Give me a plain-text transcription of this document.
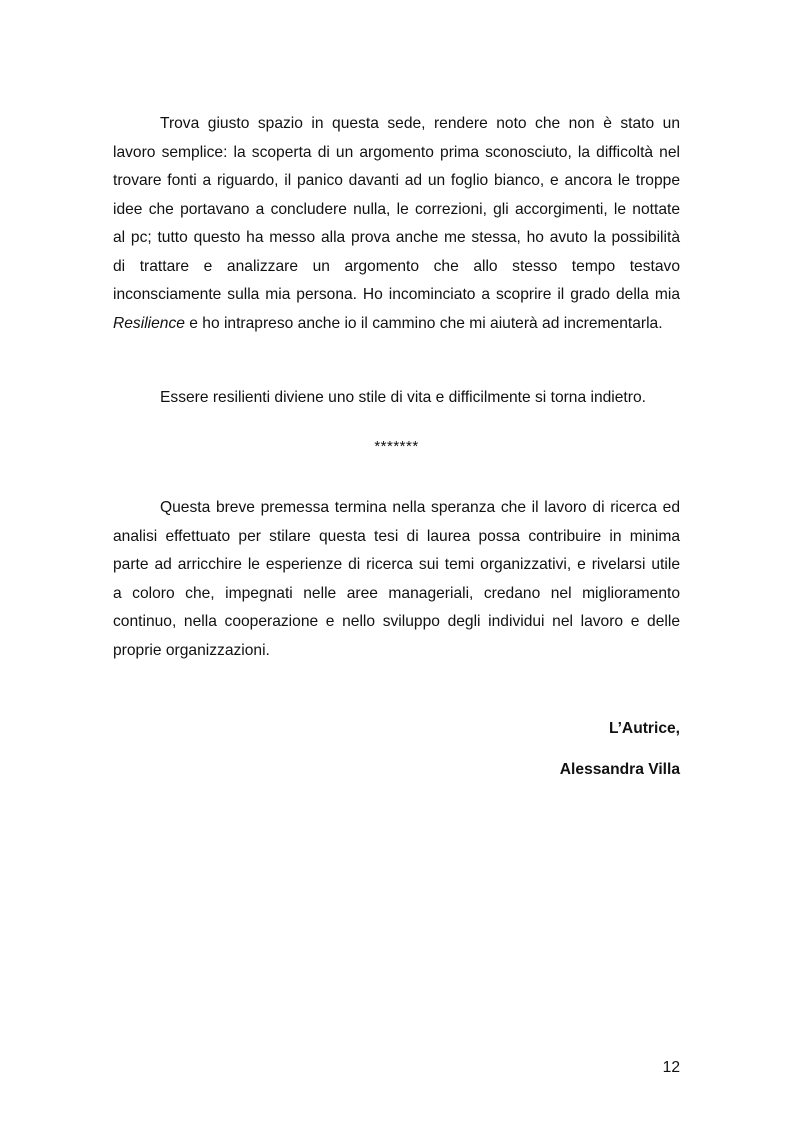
Trova giusto spazio in questa sede, rendere noto che non è stato un
lavoro semplice: la scoperta di un argomento prima sconosciuto, la difficoltà nel
trovare fonti a riguardo, il panico davanti ad un foglio bianco, e ancora le troppe
idee che portavano a concludere nulla, le correzioni, gli accorgimenti, le nottate
al pc; tutto questo ha messo alla prova anche me stessa, ho avuto la possibilità
di trattare e analizzare un argomento che allo stesso tempo testavo
inconsciamente sulla mia persona. Ho incominciato a scoprire il grado della mia
Resilience e ho intrapreso anche io il cammino che mi aiuterà ad incrementarla.
Essere resilienti diviene uno stile di vita e difficilmente si torna indietro.
*******
Questa breve premessa termina nella speranza che il lavoro di ricerca ed
analisi effettuato per stilare questa tesi di laurea possa contribuire in minima
parte ad arricchire le esperienze di ricerca sui temi organizzativi, e rivelarsi utile
a coloro che, impegnati nelle aree manageriali, credano nel miglioramento
continuo, nella cooperazione e nello sviluppo degli individui nel lavoro e delle
proprie organizzazioni.
L’Autrice,
Alessandra Villa
12
